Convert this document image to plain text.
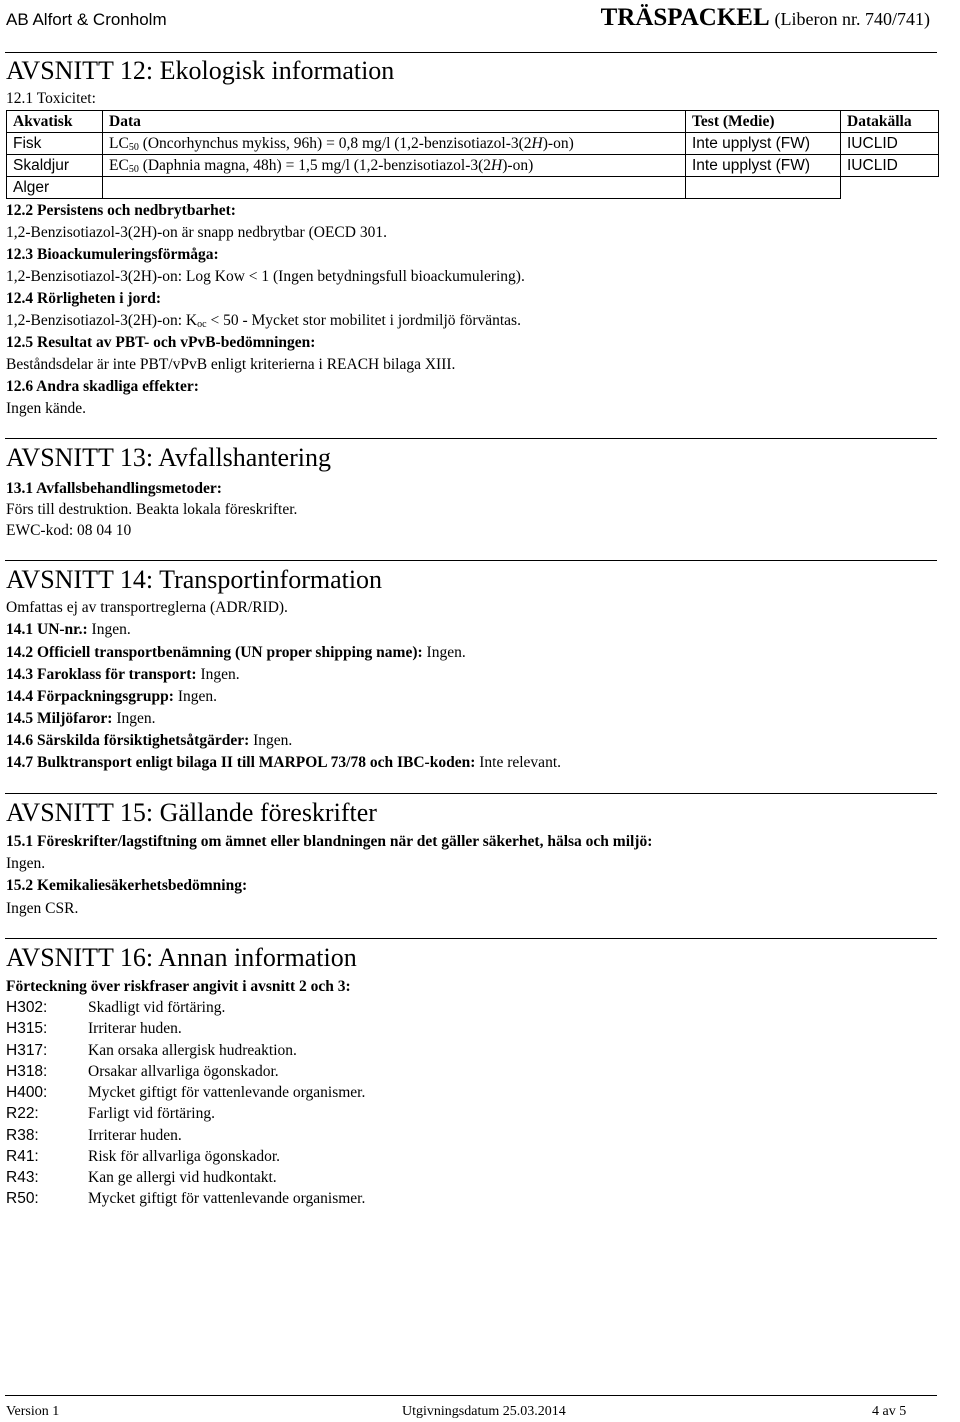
AB Alfort & Cronholm	TRÄSPACKEL (Liberon nr. 740/741)
AVSNITT 12: Ekologisk information
12.1 Toxicitet:
Akvatisk	Data	Test (Medie)	Datakälla
Fisk	$LC_{50}$ (Oncorhynchus mykiss, 96h) = 0,8 mg/l (1,2-benzisotiazol-3(2H)-on)	Inte upplyst (FW)	IUCLID
Skaldjur	$EC_{50}$ (Daphnia magna, 48h) = 1,5 mg/l (1,2-benzisotiazol-3(2H)-on)	Inte upplyst (FW)	IUCLID
Alger			
12.2 Persistens och nedbrytbarhet:
1,2-Benzisotiazol-3(2H)-on är snapp nedbrytbar (OECD 301.
12.3 Bioackumuleringsförmåga:
1,2-Benzisotiazol-3(2H)-on: Log Kow < 1 (Ingen betydningsfull bioackumulering).
12.4 Rörligheten i jord:
1,2-Benzisotiazol-3(2H)-on: $K_{oc} < 50$ - Mycket stor mobilitet i jordmiljö förväntas.
12.5 Resultat av PBT- och vPvB-bedömningen:
Beståndsdelar är inte PBT/vPvB enligt kriterierna i REACH bilaga XIII.
12.6 Andra skadliga effekter:
Ingen kände.
AVSNITT 13: Avfallshantering
13.1 Avfallsbehandlingsmetoder:
Förs till destruktion. Beakta lokala föreskrifter.
EWC-kod: 08 04 10
AVSNITT 14: Transportinformation
Omfattas ej av transportreglerna (ADR/RID).
14.1 UN-nr.: Ingen.
14.2 Officiell transportbenämning (UN proper shipping name): Ingen.
14.3 Faroklass för transport: Ingen.
14.4 Förpackningsgrupp: Ingen.
14.5 Miljöfaror: Ingen.
14.6 Särskilda försiktighetsåtgärder: Ingen.
14.7 Bulktransport enligt bilaga II till MARPOL 73/78 och IBC-koden: Inte relevant.
AVSNITT 15: Gällande föreskrifter
15.1 Föreskrifter/lagstiftning om ämnet eller blandningen när det gäller säkerhet, hälsa och miljö:
Ingen.
15.2 Kemikaliesäkerhetsbedömning:
Ingen CSR.
AVSNITT 16: Annan information
Förteckning över riskfraser angivit i avsnitt 2 och 3:
H302:	Skadligt vid förtäring.
H315:	Irriterar huden.
H317:	Kan orsaka allergisk hudreaktion.
H318:	Orsakar allvarliga ögonskador.
H400:	Mycket giftigt för vattenlevande organismer.
R22:	Farligt vid förtäring.
R38:	Irriterar huden.
R41:	Risk för allvarliga ögonskador.
R43:	Kan ge allergi vid hudkontakt.
R50:	Mycket giftigt för vattenlevande organismer.
Version 1	Utgivningsdatum 25.03.2014	4 av 5
